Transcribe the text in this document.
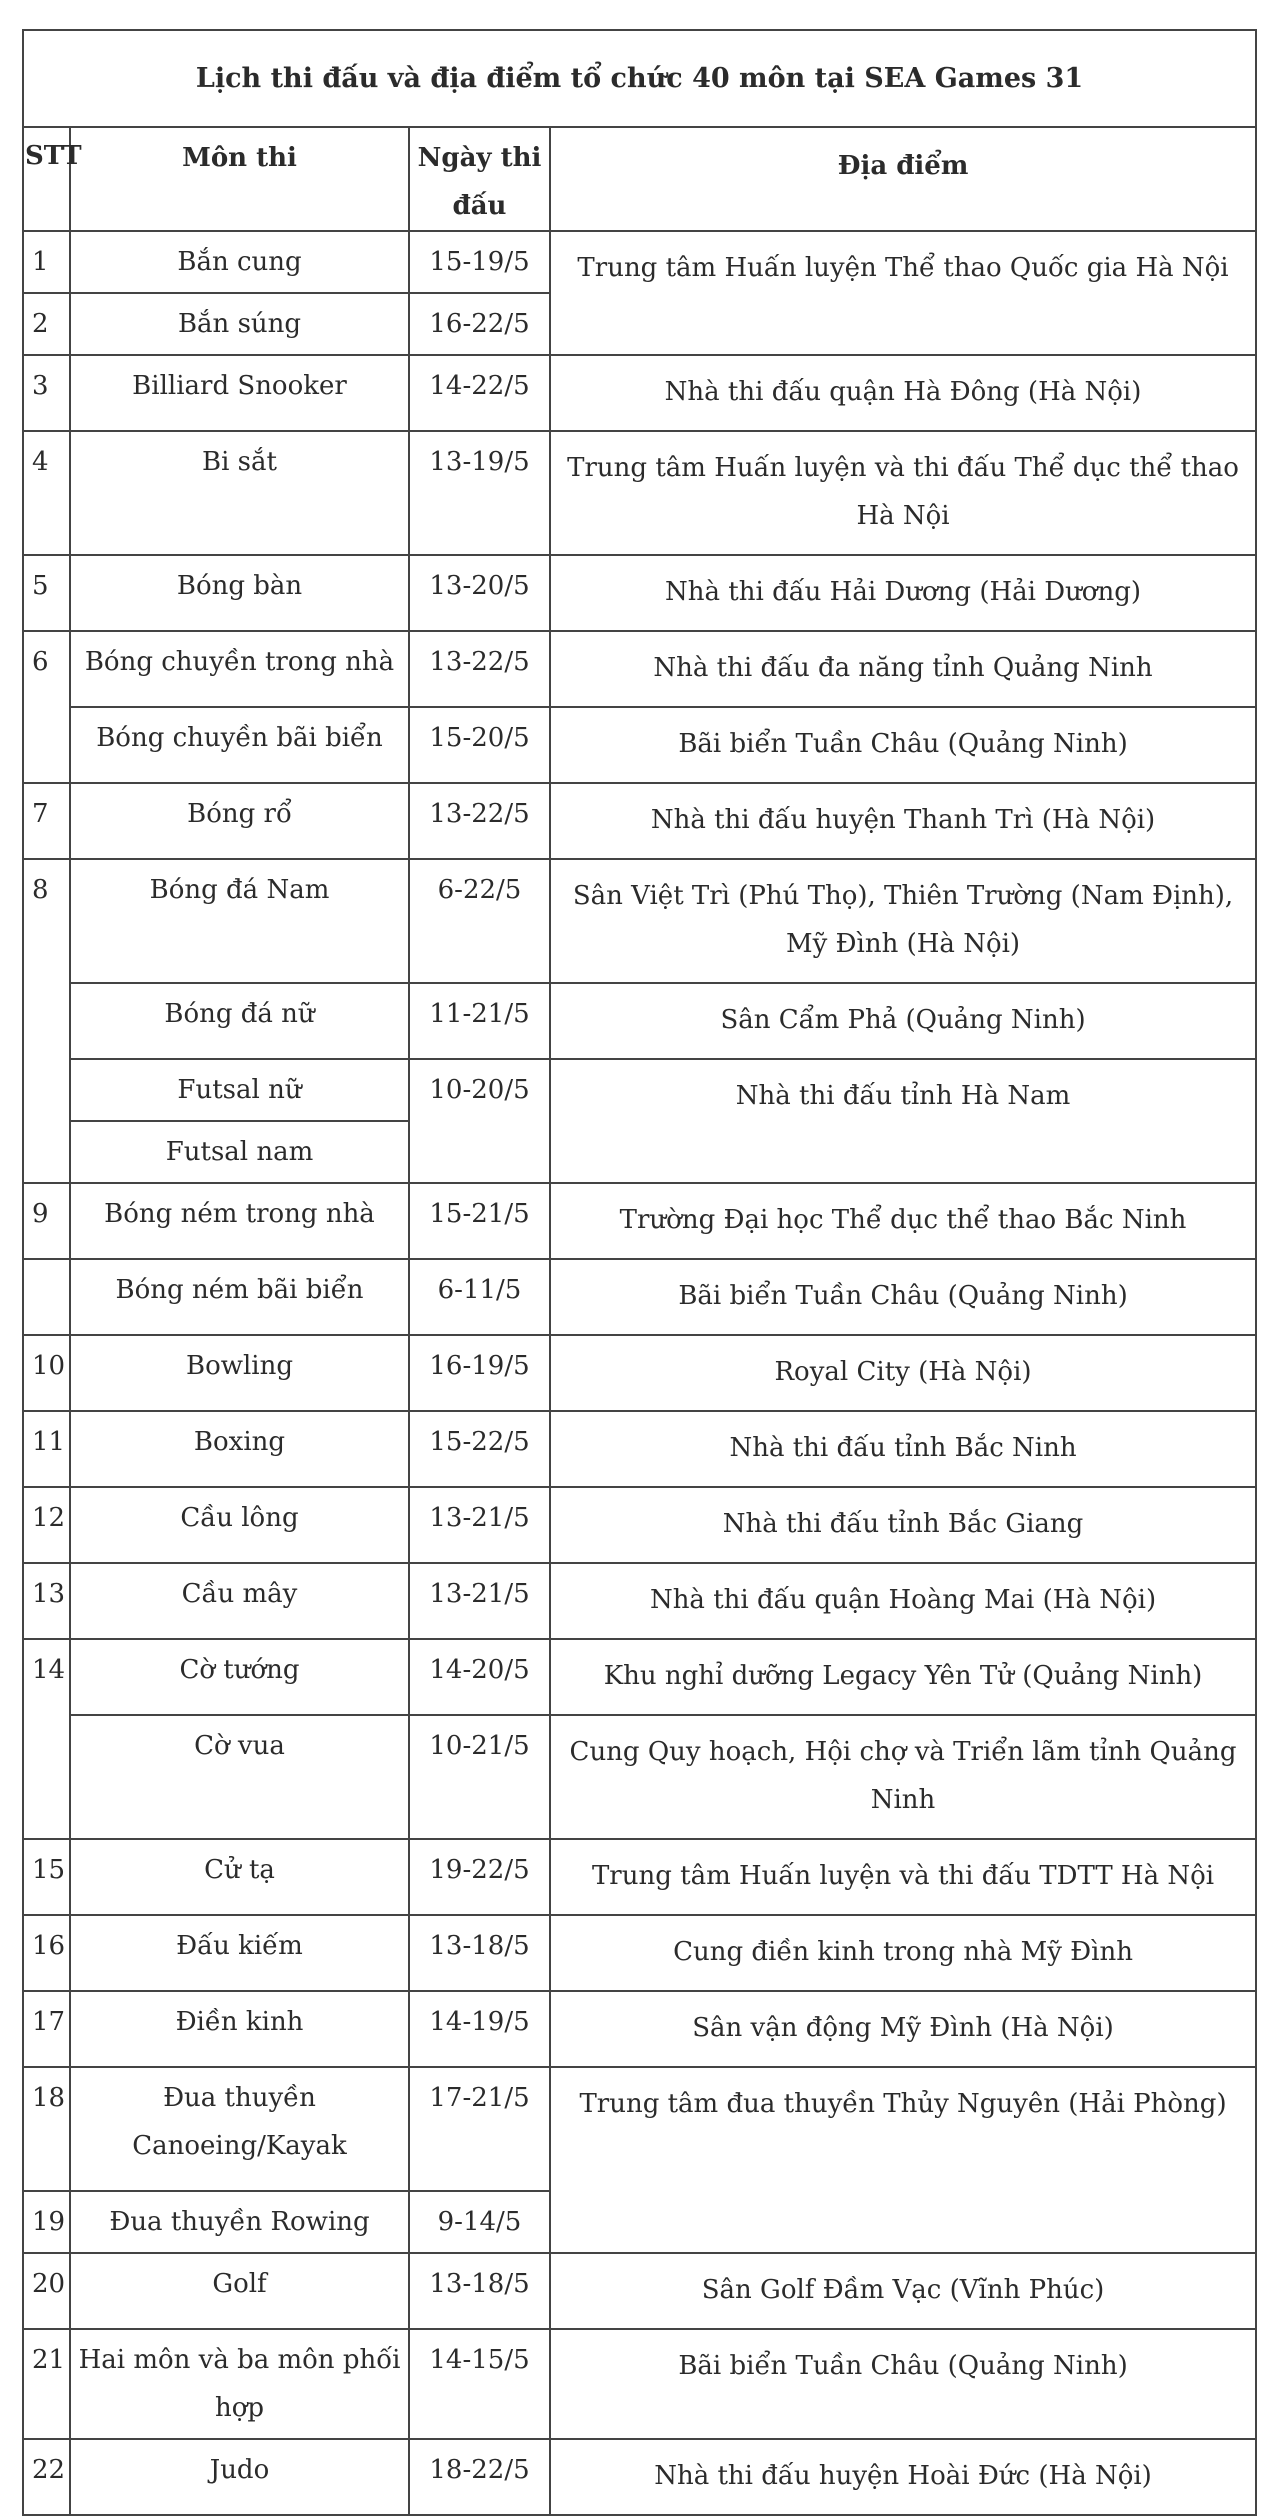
Lịch thi đấu và địa điểm tổ chức 40 môn tại SEA Games 31			
STT	Môn thi	Ngày thi đấu	Địa điểm
1	Bắn cung	15-19/5	Trung tâm Huấn luyện Thể thao Quốc gia Hà Nội
2	Bắn súng	16-22/5	
3	Billiard Snooker	14-22/5	Nhà thi đấu quận Hà Đông (Hà Nội)
4	Bi sắt	13-19/5	Trung tâm Huấn luyện và thi đấu Thể dục thể thao Hà Nội
5	Bóng bàn	13-20/5	Nhà thi đấu Hải Dương (Hải Dương)
6	Bóng chuyền trong nhà	13-22/5	Nhà thi đấu đa năng tỉnh Quảng Ninh
	Bóng chuyền bãi biển	15-20/5	Bãi biển Tuần Châu (Quảng Ninh)
7	Bóng rổ	13-22/5	Nhà thi đấu huyện Thanh Trì (Hà Nội)
8	Bóng đá Nam	6-22/5	Sân Việt Trì (Phú Thọ), Thiên Trường (Nam Định), Mỹ Đình (Hà Nội)
	Bóng đá nữ	11-21/5	Sân Cẩm Phả (Quảng Ninh)
	Futsal nữ	10-20/5	Nhà thi đấu tỉnh Hà Nam
	Futsal nam		
9	Bóng ném trong nhà	15-21/5	Trường Đại học Thể dục thể thao Bắc Ninh
	Bóng ném bãi biển	6-11/5	Bãi biển Tuần Châu (Quảng Ninh)
10	Bowling	16-19/5	Royal City (Hà Nội)
11	Boxing	15-22/5	Nhà thi đấu tỉnh Bắc Ninh
12	Cầu lông	13-21/5	Nhà thi đấu tỉnh Bắc Giang
13	Cầu mây	13-21/5	Nhà thi đấu quận Hoàng Mai (Hà Nội)
14	Cờ tướng	14-20/5	Khu nghỉ dưỡng Legacy Yên Tử (Quảng Ninh)
	Cờ vua	10-21/5	Cung Quy hoạch, Hội chợ và Triển lãm tỉnh Quảng Ninh
15	Cử tạ	19-22/5	Trung tâm Huấn luyện và thi đấu TDTT Hà Nội
16	Đấu kiếm	13-18/5	Cung điền kinh trong nhà Mỹ Đình
17	Điền kinh	14-19/5	Sân vận động Mỹ Đình (Hà Nội)
18	Đua thuyền Canoeing/Kayak	17-21/5	Trung tâm đua thuyền Thủy Nguyên (Hải Phòng)
19	Đua thuyền Rowing	9-14/5	
20	Golf	13-18/5	Sân Golf Đầm Vạc (Vĩnh Phúc)
21	Hai môn và ba môn phối hợp	14-15/5	Bãi biển Tuần Châu (Quảng Ninh)
22	Judo	18-22/5	Nhà thi đấu huyện Hoài Đức (Hà Nội)
